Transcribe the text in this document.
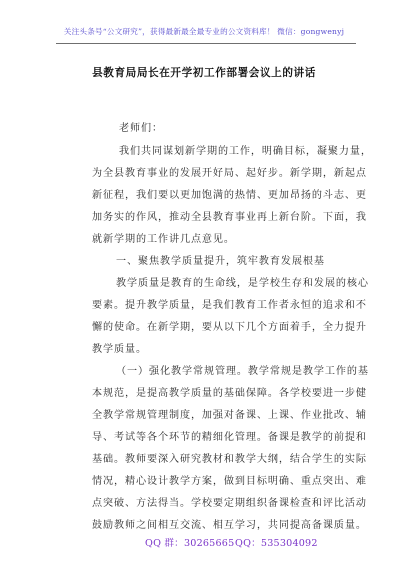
关注头条号“公文研究”，获得最新最全最专业的公文资料库！ 微信：gongwenyj
县教育局局长在开学初工作部署会议上的讲话
老师们：
我们共同谋划新学期的工作，明确目标，凝聚力量，
为全县教育事业的发展开好局、起好步。新学期，新起点
新征程，我们要以更加饱满的热情、更加昂扬的斗志、更
加务实的作风，推动全县教育事业再上新台阶。下面，我
就新学期的工作讲几点意见。
一、聚焦教学质量提升，筑牢教育发展根基
教学质量是教育的生命线，是学校生存和发展的核心
要素。提升教学质量，是我们教育工作者永恒的追求和不
懈的使命。在新学期，要从以下几个方面着手，全力提升
教学质量。
（一）强化教学常规管理。教学常规是教学工作的基
本规范，是提高教学质量的基础保障。各学校要进一步健
全教学常规管理制度，加强对备课、上课、作业批改、辅
导、考试等各个环节的精细化管理。备课是教学的前提和
基础。教师要深入研究教材和教学大纲，结合学生的实际
情况，精心设计教学方案，做到目标明确、重点突出、难
点突破、方法得当。学校要定期组织备课检查和评比活动
鼓励教师之间相互交流、相互学习，共同提高备课质量。
QQ 群：30265665 QQ：535304092
